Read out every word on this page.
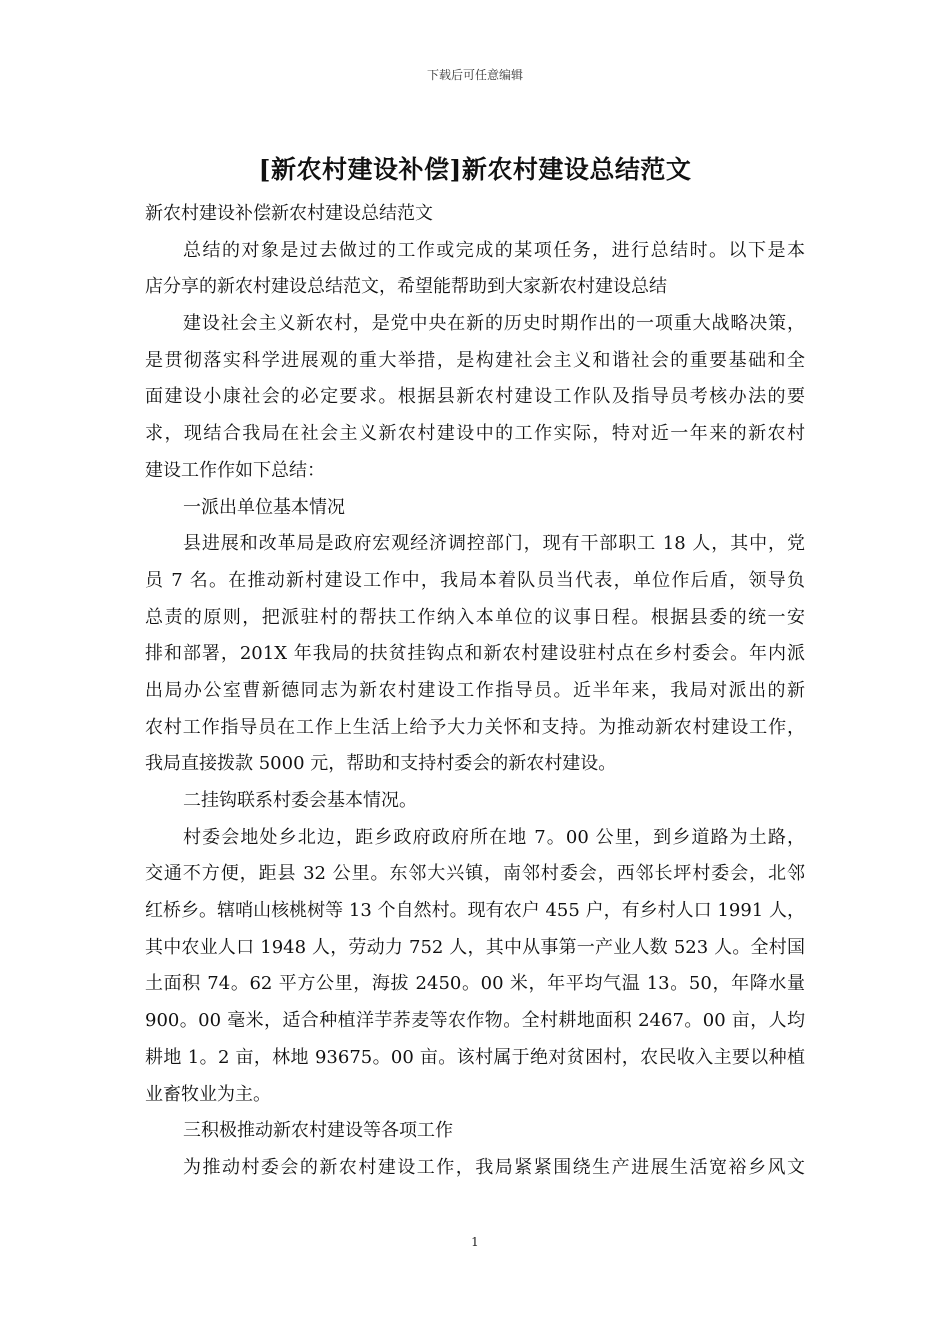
下载后可任意编辑
[新农村建设补偿]新农村建设总结范文
新农村建设补偿新农村建设总结范文
总结的对象是过去做过的工作或完成的某项任务，进行总结时。以下是本
店分享的新农村建设总结范文，希望能帮助到大家新农村建设总结
建设社会主义新农村，是党中央在新的历史时期作出的一项重大战略决策，
是贯彻落实科学进展观的重大举措，是构建社会主义和谐社会的重要基础和全
面建设小康社会的必定要求。根据县新农村建设工作队及指导员考核办法的要
求，现结合我局在社会主义新农村建设中的工作实际，特对近一年来的新农村
建设工作作如下总结：
一派出单位基本情况
县进展和改革局是政府宏观经济调控部门，现有干部职工 18 人，其中，党
员 7 名。在推动新村建设工作中，我局本着队员当代表，单位作后盾，领导负
总责的原则，把派驻村的帮扶工作纳入本单位的议事日程。根据县委的统一安
排和部署，201X 年我局的扶贫挂钩点和新农村建设驻村点在乡村委会。年内派
出局办公室曹新德同志为新农村建设工作指导员。近半年来，我局对派出的新
农村工作指导员在工作上生活上给予大力关怀和支持。为推动新农村建设工作，
我局直接拨款 5000 元，帮助和支持村委会的新农村建设。
二挂钩联系村委会基本情况。
村委会地处乡北边，距乡政府政府所在地 7。00 公里，到乡道路为土路，
交通不方便，距县 32 公里。东邻大兴镇，南邻村委会，西邻长坪村委会，北邻
红桥乡。辖哨山核桃树等 13 个自然村。现有农户 455 户，有乡村人口 1991 人，
其中农业人口 1948 人，劳动力 752 人，其中从事第一产业人数 523 人。全村国
土面积 74。62 平方公里，海拔 2450。00 米，年平均气温 13。50，年降水量
900。00 毫米，适合种植洋芋荞麦等农作物。全村耕地面积 2467。00 亩，人均
耕地 1。2 亩，林地 93675。00 亩。该村属于绝对贫困村，农民收入主要以种植
业畜牧业为主。
三积极推动新农村建设等各项工作
为推动村委会的新农村建设工作，我局紧紧围绕生产进展生活宽裕乡风文
1
